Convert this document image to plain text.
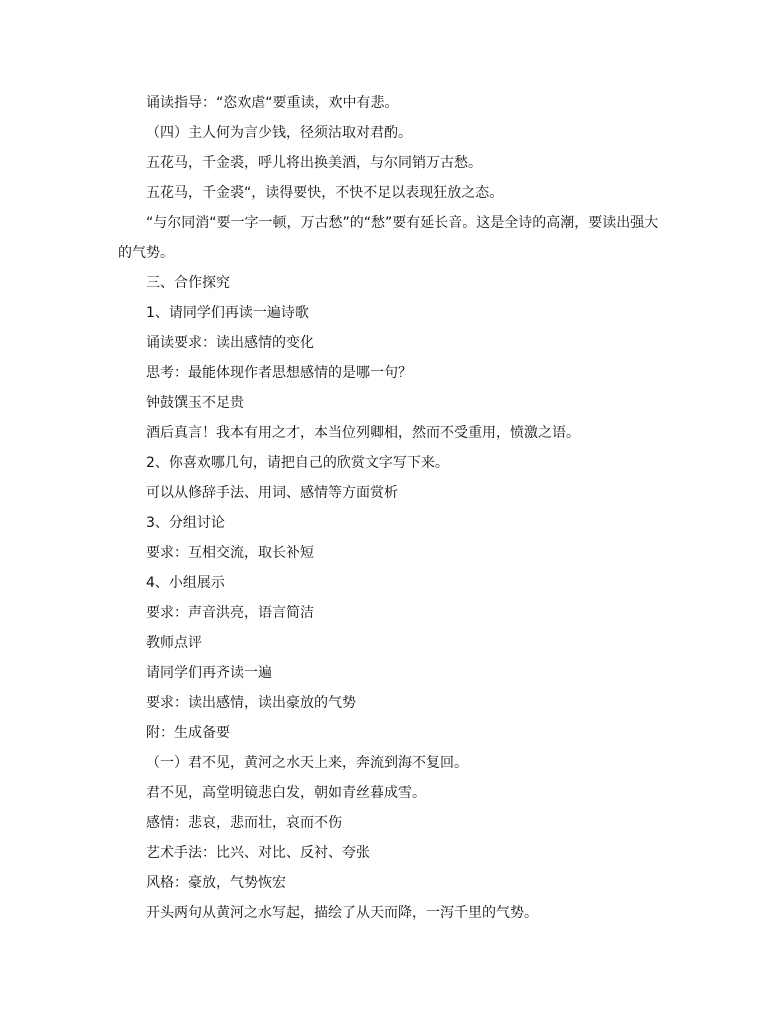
诵读指导：“恣欢虐“要重读，欢中有悲。
（四）主人何为言少钱，径须沽取对君酌。
五花马，千金裘，呼儿将出换美酒，与尔同销万古愁。
五花马，千金裘“，读得要快，不快不足以表现狂放之态。
“与尔同消“要一字一顿，万古愁”的“愁”要有延长音。这是全诗的高潮，要读出强大的气势。
三、合作探究
1、请同学们再读一遍诗歌
诵读要求：读出感情的变化
思考：最能体现作者思想感情的是哪一句？
钟鼓馔玉不足贵
酒后真言！我本有用之才，本当位列卿相，然而不受重用，愤激之语。
2、你喜欢哪几句，请把自己的欣赏文字写下来。
可以从修辞手法、用词、感情等方面赏析
3、分组讨论
要求：互相交流，取长补短
4、小组展示
要求：声音洪亮，语言简洁
教师点评
请同学们再齐读一遍
要求：读出感情，读出豪放的气势
附：生成备要
（一）君不见，黄河之水天上来，奔流到海不复回。
君不见，高堂明镜悲白发，朝如青丝暮成雪。
感情：悲哀，悲而壮，哀而不伤
艺术手法：比兴、对比、反衬、夸张
风格：豪放，气势恢宏
开头两句从黄河之水写起，描绘了从天而降，一泻千里的气势。
